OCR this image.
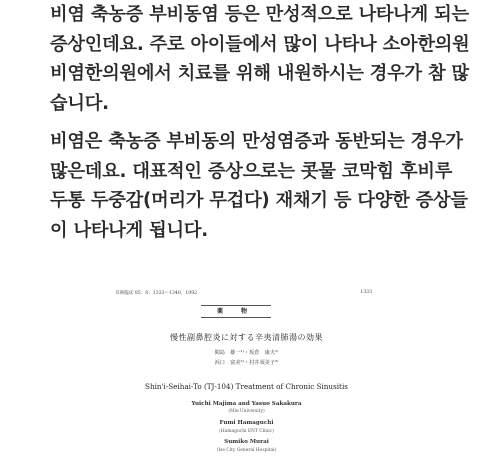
비염 축농증 부비동염 등은 만성적으로 나타나게 되는 증상인데요. 주로 아이들에서 많이 나타나 소아한의원 비염한의원에서 치료를 위해 내원하시는 경우가 참 많습니다.

비염은 축농증 부비동의 만성염증과 동반되는 경우가 많은데요. 대표적인 증상으로는 콧물 코막힘 후비루 두통 두중감(머리가 무겁다) 재채기 등 다양한 증상들이 나타나게 됩니다.

耳鼻臨床 85：8；1333〜1340，1992	1333
薬 物
慢性副鼻腔炎に対する辛夷清肺湯の効果
間島　雄一¹⁾・坂倉　康夫¹⁾
浜口　富美²⁾・村井須美子³⁾
Shin'i-Seihai-To (TJ-104) Treatment of Chronic Sinusitis
Yuichi Majima and Yasuo Sakakura
(Mie University)
Fumi Hamaguchi
(Hamaguchi ENT Clinic)
Sumiko Murai
(Ise City General Hospital)
